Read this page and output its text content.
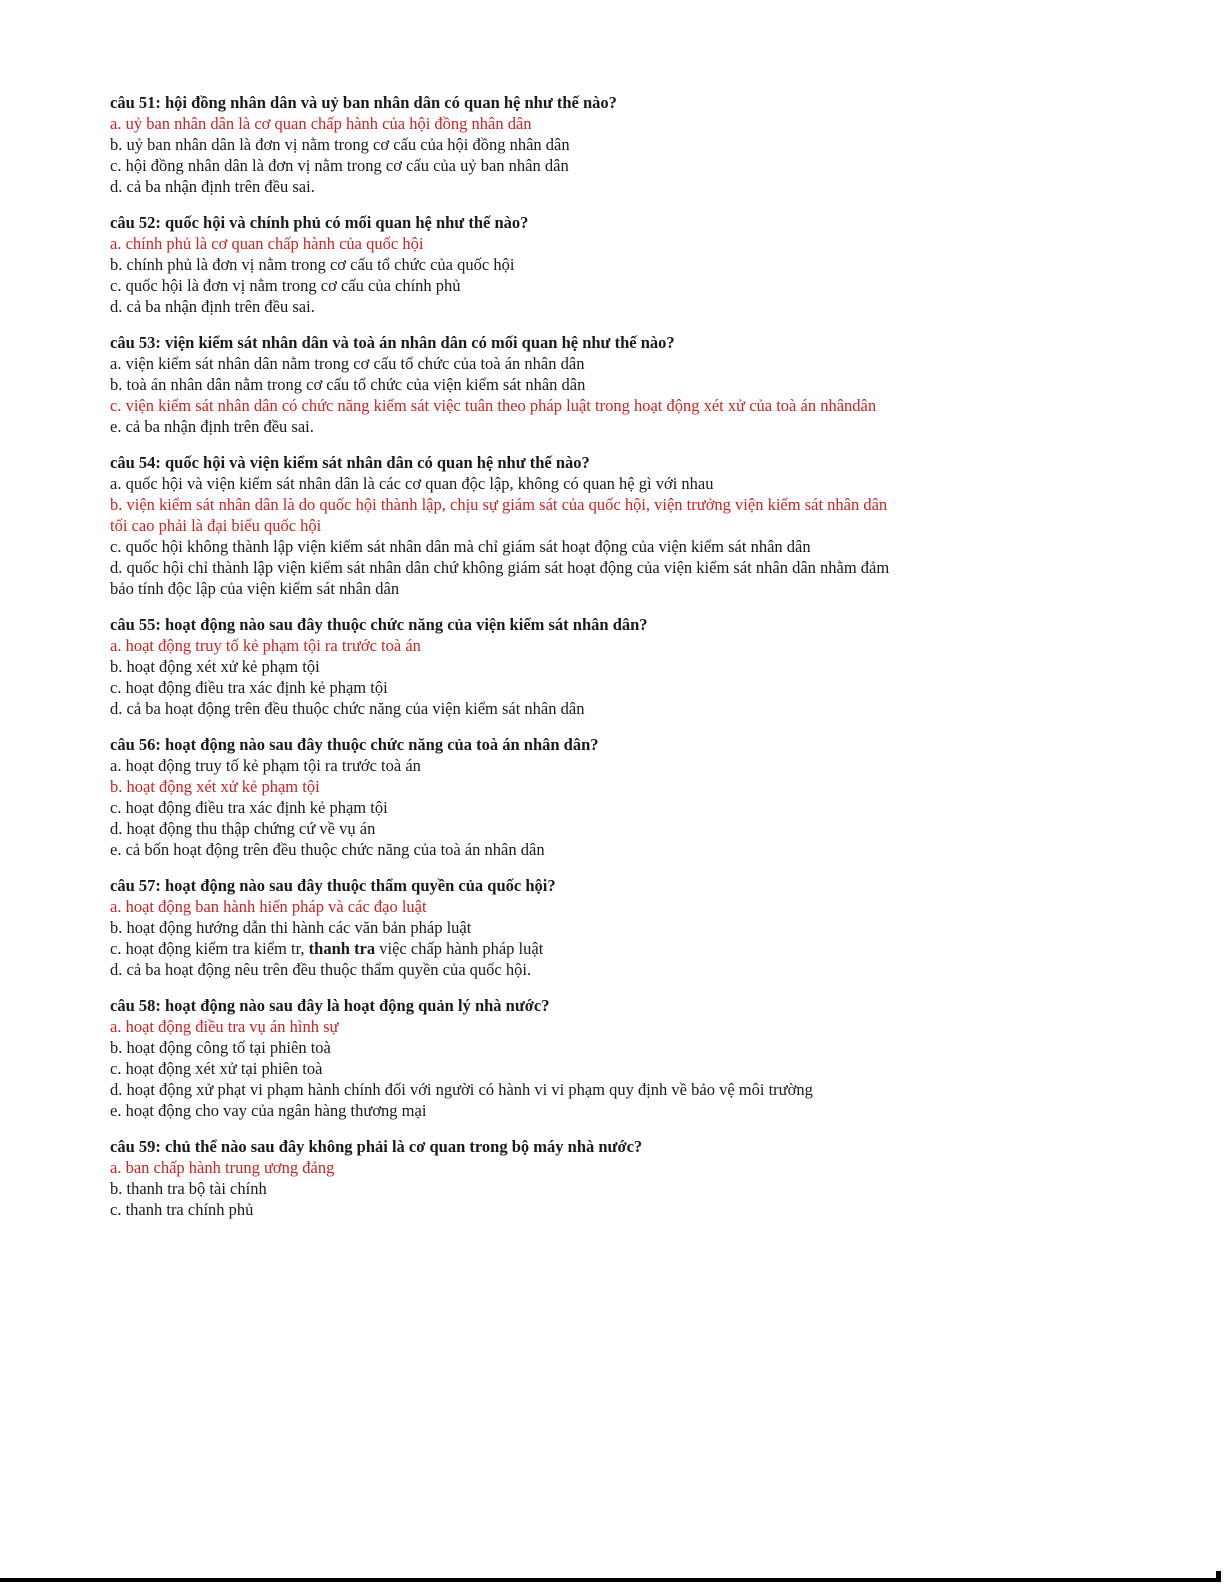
câu 51: hội đồng nhân dân và uỷ ban nhân dân có quan hệ như thế nào?
a. uỷ ban nhân dân là cơ quan chấp hành của hội đồng nhân dân
b. uỷ ban nhân dân là đơn vị nằm trong cơ cấu của hội đồng nhân dân
c. hội đồng nhân dân là đơn vị nằm trong cơ cấu của uỷ ban nhân dân
d. cả ba nhận định trên đều sai.
câu 52: quốc hội và chính phủ có mối quan hệ như thế nào?
a. chính phủ là cơ quan chấp hành của quốc hội
b. chính phủ là đơn vị nằm trong cơ cấu tổ chức của quốc hội
c. quốc hội là đơn vị nằm trong cơ cấu của chính phủ
d. cả ba nhận định trên đều sai.
câu 53: viện kiểm sát nhân dân và toà án nhân dân có mối quan hệ như thế nào?
a. viện kiểm sát nhân dân nằm trong cơ cấu tổ chức của toà án nhân dân
b. toà án nhân dân nằm trong cơ cấu tổ chức của viện kiểm sát nhân dân
c. viện kiểm sát nhân dân có chức năng kiểm sát việc tuân theo pháp luật trong hoạt động xét xử của toà án nhândân
e. cả ba nhận định trên đều sai.
câu 54: quốc hội và viện kiểm sát nhân dân có quan hệ như thế nào?
a. quốc hội và viện kiểm sát nhân dân là các cơ quan độc lập, không có quan hệ gì với nhau
b. viện kiểm sát nhân dân là do quốc hội thành lập, chịu sự giám sát của quốc hội, viện trưởng viện kiểm sát nhân dân tối cao phải là đại biểu quốc hội
c. quốc hội không thành lập viện kiểm sát nhân dân mà chỉ giám sát hoạt động của viện kiểm sát nhân dân
d. quốc hội chỉ thành lập viện kiểm sát nhân dân chứ không giám sát hoạt động của viện kiểm sát nhân dân nhằm đảm bảo tính độc lập của viện kiểm sát nhân dân
câu 55: hoạt động nào sau đây thuộc chức năng của viện kiểm sát nhân dân?
a. hoạt động truy tố kẻ phạm tội ra trước toà án
b. hoạt động xét xử kẻ phạm tội
c. hoạt động điều tra xác định kẻ phạm tội
d. cả ba hoạt động trên đều thuộc chức năng của viện kiểm sát nhân dân
câu 56: hoạt động nào sau đây thuộc chức năng của toà án nhân dân?
a. hoạt động truy tố kẻ phạm tội ra trước toà án
b. hoạt động xét xử kẻ phạm tội
c. hoạt động điều tra xác định kẻ phạm tội
d. hoạt động thu thập chứng cứ về vụ án
e. cả bốn hoạt động trên đều thuộc chức năng của toà án nhân dân
câu 57: hoạt động nào sau đây thuộc thẩm quyền của quốc hội?
a. hoạt động ban hành hiến pháp và các đạo luật
b. hoạt động hướng dẫn thi hành các văn bản pháp luật
c. hoạt động kiểm tra kiểm tr, thanh tra việc chấp hành pháp luật
d. cả ba hoạt động nêu trên đều thuộc thẩm quyền của quốc hội.
câu 58: hoạt động nào sau đây là hoạt động quản lý nhà nước?
a. hoạt động điều tra vụ án hình sự
b. hoạt động công tố tại phiên toà
c. hoạt động xét xử tại phiên toà
d. hoạt động xử phạt vi phạm hành chính đối với người có hành vi vi phạm quy định về bảo vệ môi trường
e. hoạt động cho vay của ngân hàng thương mại
câu 59: chủ thể nào sau đây không phải là cơ quan trong bộ máy nhà nước?
a. ban chấp hành trung ương đảng
b. thanh tra bộ tài chính
c. thanh tra chính phủ
